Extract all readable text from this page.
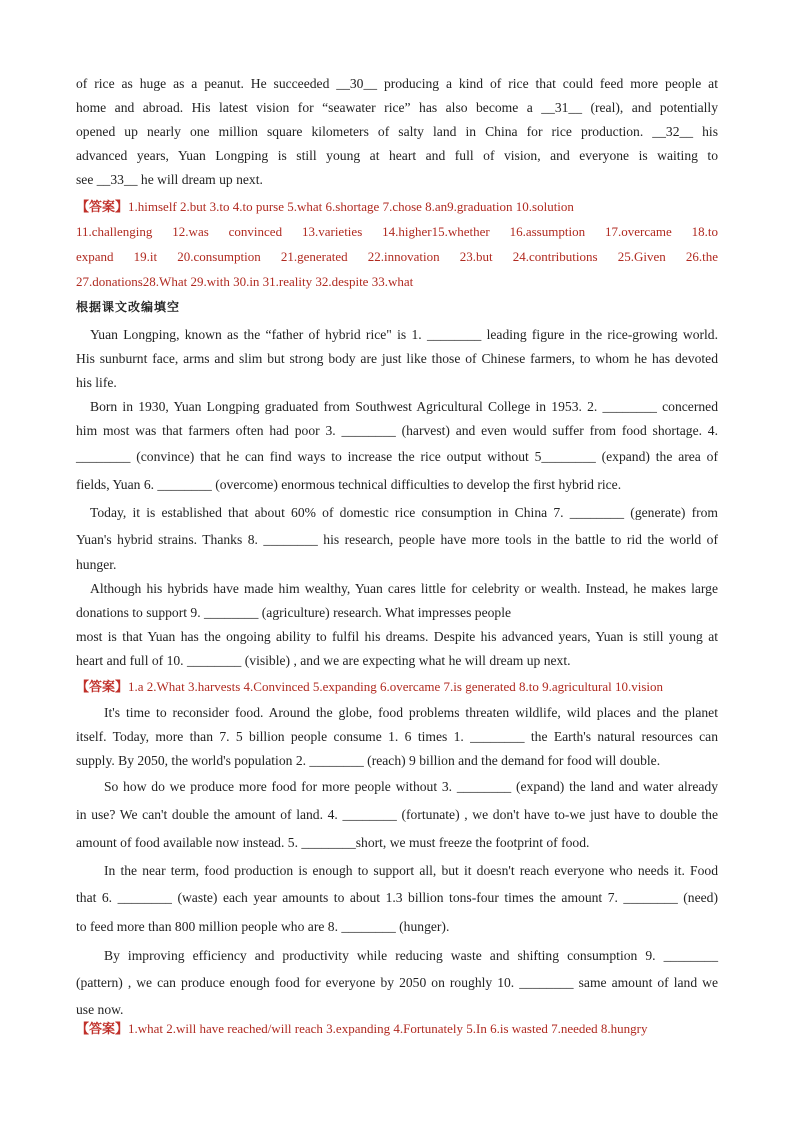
of rice as huge as a peanut. He succeeded __30__ producing a kind of rice that could feed more people at
home and abroad. His latest vision for “seawater rice” has also become a __31__ (real), and potentially
opened up nearly one million square kilometers of salty land in China for rice production. __32__ his
advanced years, Yuan Longping is still young at heart and full of vision, and everyone is waiting to
see __33__ he will dream up next.
【答案】1.himself 2.but 3.to 4.to purse 5.what 6.shortage 7.chose 8.an9.graduation 10.solution
11.challenging 12.was convinced 13.varieties 14.higher15.whether 16.assumption 17.overcame 18.to
expand 19.it 20.consumption 21.generated 22.innovation 23.but 24.contributions 25.Given 26.the
27.donations28.What 29.with 30.in 31.reality 32.despite 33.what
根据课文改编填空
Yuan Longping, known as the “father of hybrid rice" is 1. ________ leading figure in the rice-growing world.
His sunburnt face, arms and slim but strong body are just like those of Chinese farmers, to whom he has devoted
his life.
Born in 1930, Yuan Longping graduated from Southwest Agricultural College in 1953. 2. ________ concerned
him most was that farmers often had poor 3. ________ (harvest) and even would suffer from food shortage. 4.
________ (convince) that he can find ways to increase the rice output without 5________ (expand) the area of
fields, Yuan 6. ________ (overcome) enormous technical difficulties to develop the first hybrid rice.
Today, it is established that about 60% of domestic rice consumption in China 7. ________ (generate) from
Yuan's hybrid strains. Thanks 8. ________ his research, people have more tools in the battle to rid the world of
hunger.
Although his hybrids have made him wealthy, Yuan cares little for celebrity or wealth. Instead, he makes large
donations to support 9. ________ (agriculture) research. What impresses people
most is that Yuan has the ongoing ability to fulfil his dreams. Despite his advanced years, Yuan is still young at
heart and full of 10. ________ (visible) , and we are expecting what he will dream up next.
【答案】1.a 2.What 3.harvests 4.Convinced 5.expanding 6.overcame 7.is generated 8.to 9.agricultural 10.vision
It's time to reconsider food. Around the globe, food problems threaten wildlife, wild places and the planet
itself. Today, more than 7. 5 billion people consume 1. 6 times 1. ________ the Earth's natural resources can
supply. By 2050, the world's population 2. ________ (reach) 9 billion and the demand for food will double.
So how do we produce more food for more people without 3. ________ (expand) the land and water already
in use? We can't double the amount of land. 4. ________ (fortunate) , we don't have to-we just have to double the
amount of food available now instead. 5. ________short, we must freeze the footprint of food.
In the near term, food production is enough to support all, but it doesn't reach everyone who needs it. Food
that 6. ________ (waste) each year amounts to about 1.3 billion tons-four times the amount 7. ________ (need)
to feed more than 800 million people who are 8. ________ (hunger).
By improving efficiency and productivity while reducing waste and shifting consumption 9. ________
(pattern) , we can produce enough food for everyone by 2050 on roughly 10. ________ same amount of land we
use now.
【答案】1.what 2.will have reached/will reach 3.expanding 4.Fortunately 5.In 6.is wasted 7.needed 8.hungry
